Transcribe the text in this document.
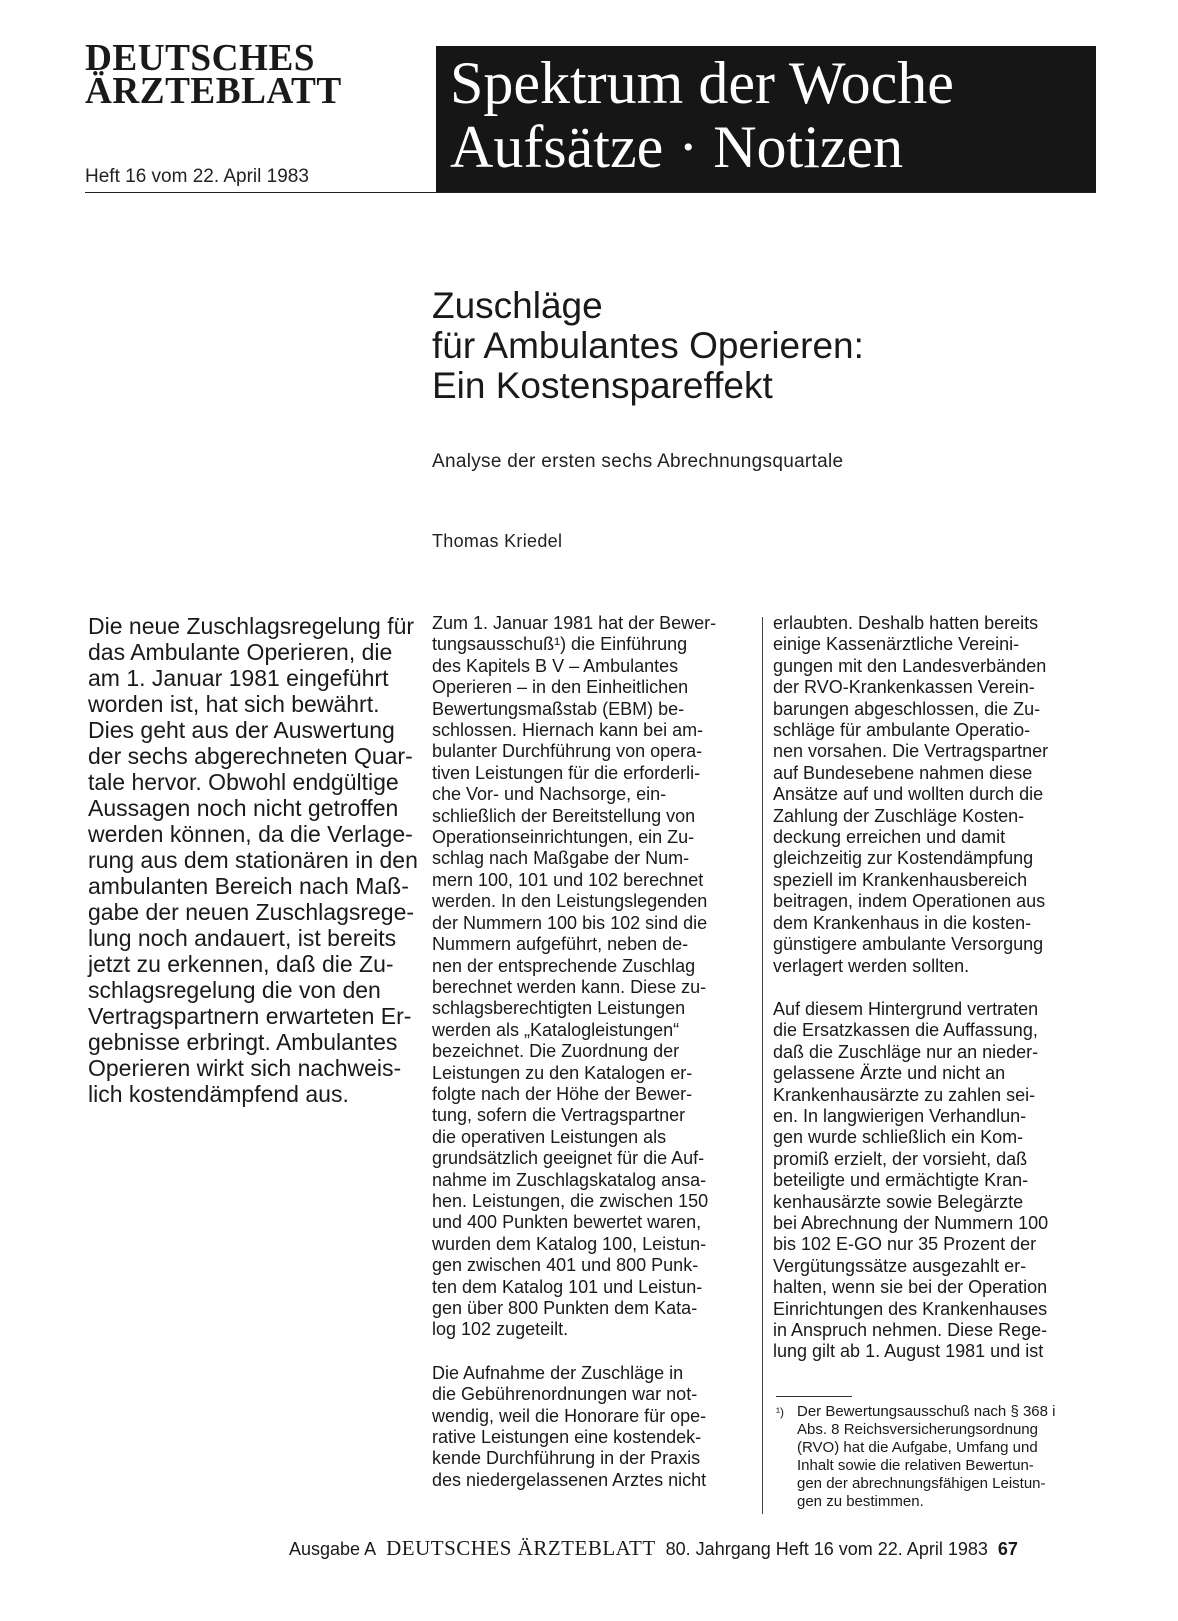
DEUTSCHES
ÄRZTEBLATT
Heft 16 vom 22. April 1983
Spektrum der Woche
Aufsätze · Notizen
Zuschläge
für Ambulantes Operieren:
Ein Kostenspareffekt
Analyse der ersten sechs Abrechnungsquartale
Thomas Kriedel
Die neue Zuschlagsregelung für
das Ambulante Operieren, die
am 1. Januar 1981 eingeführt
worden ist, hat sich bewährt.
Dies geht aus der Auswertung
der sechs abgerechneten Quar-
tale hervor. Obwohl endgültige
Aussagen noch nicht getroffen
werden können, da die Verlage-
rung aus dem stationären in den
ambulanten Bereich nach Maß-
gabe der neuen Zuschlagsrege-
lung noch andauert, ist bereits
jetzt zu erkennen, daß die Zu-
schlagsregelung die von den
Vertragspartnern erwarteten Er-
gebnisse erbringt. Ambulantes
Operieren wirkt sich nachweis-
lich kostendämpfend aus.
Zum 1. Januar 1981 hat der Bewer-
tungsausschuß¹) die Einführung
des Kapitels B V – Ambulantes
Operieren – in den Einheitlichen
Bewertungsmaßstab (EBM) be-
schlossen. Hiernach kann bei am-
bulanter Durchführung von opera-
tiven Leistungen für die erforderli-
che Vor- und Nachsorge, ein-
schließlich der Bereitstellung von
Operationseinrichtungen, ein Zu-
schlag nach Maßgabe der Num-
mern 100, 101 und 102 berechnet
werden. In den Leistungslegenden
der Nummern 100 bis 102 sind die
Nummern aufgeführt, neben de-
nen der entsprechende Zuschlag
berechnet werden kann. Diese zu-
schlagsberechtigten Leistungen
werden als „Katalogleistungen“
bezeichnet. Die Zuordnung der
Leistungen zu den Katalogen er-
folgte nach der Höhe der Bewer-
tung, sofern die Vertragspartner
die operativen Leistungen als
grundsätzlich geeignet für die Auf-
nahme im Zuschlagskatalog ansa-
hen. Leistungen, die zwischen 150
und 400 Punkten bewertet waren,
wurden dem Katalog 100, Leistun-
gen zwischen 401 und 800 Punk-
ten dem Katalog 101 und Leistun-
gen über 800 Punkten dem Kata-
log 102 zugeteilt.
Die Aufnahme der Zuschläge in
die Gebührenordnungen war not-
wendig, weil die Honorare für ope-
rative Leistungen eine kostendek-
kende Durchführung in der Praxis
des niedergelassenen Arztes nicht
erlaubten. Deshalb hatten bereits
einige Kassenärztliche Vereini-
gungen mit den Landesverbänden
der RVO-Krankenkassen Verein-
barungen abgeschlossen, die Zu-
schläge für ambulante Operatio-
nen vorsahen. Die Vertragspartner
auf Bundesebene nahmen diese
Ansätze auf und wollten durch die
Zahlung der Zuschläge Kosten-
deckung erreichen und damit
gleichzeitig zur Kostendämpfung
speziell im Krankenhausbereich
beitragen, indem Operationen aus
dem Krankenhaus in die kosten-
günstigere ambulante Versorgung
verlagert werden sollten.
Auf diesem Hintergrund vertraten
die Ersatzkassen die Auffassung,
daß die Zuschläge nur an nieder-
gelassene Ärzte und nicht an
Krankenhausärzte zu zahlen sei-
en. In langwierigen Verhandlun-
gen wurde schließlich ein Kom-
promiß erzielt, der vorsieht, daß
beteiligte und ermächtigte Kran-
kenhausärzte sowie Belegärzte
bei Abrechnung der Nummern 100
bis 102 E-GO nur 35 Prozent der
Vergütungssätze ausgezahlt er-
halten, wenn sie bei der Operation
Einrichtungen des Krankenhauses
in Anspruch nehmen. Diese Rege-
lung gilt ab 1. August 1981 und ist
¹) Der Bewertungsausschuß nach § 368 i
Abs. 8 Reichsversicherungsordnung
(RVO) hat die Aufgabe, Umfang und
Inhalt sowie die relativen Bewertun-
gen der abrechnungsfähigen Leistun-
gen zu bestimmen.
Ausgabe A DEUTSCHES ÄRZTEBLATT 80. Jahrgang Heft 16 vom 22. April 1983 67
